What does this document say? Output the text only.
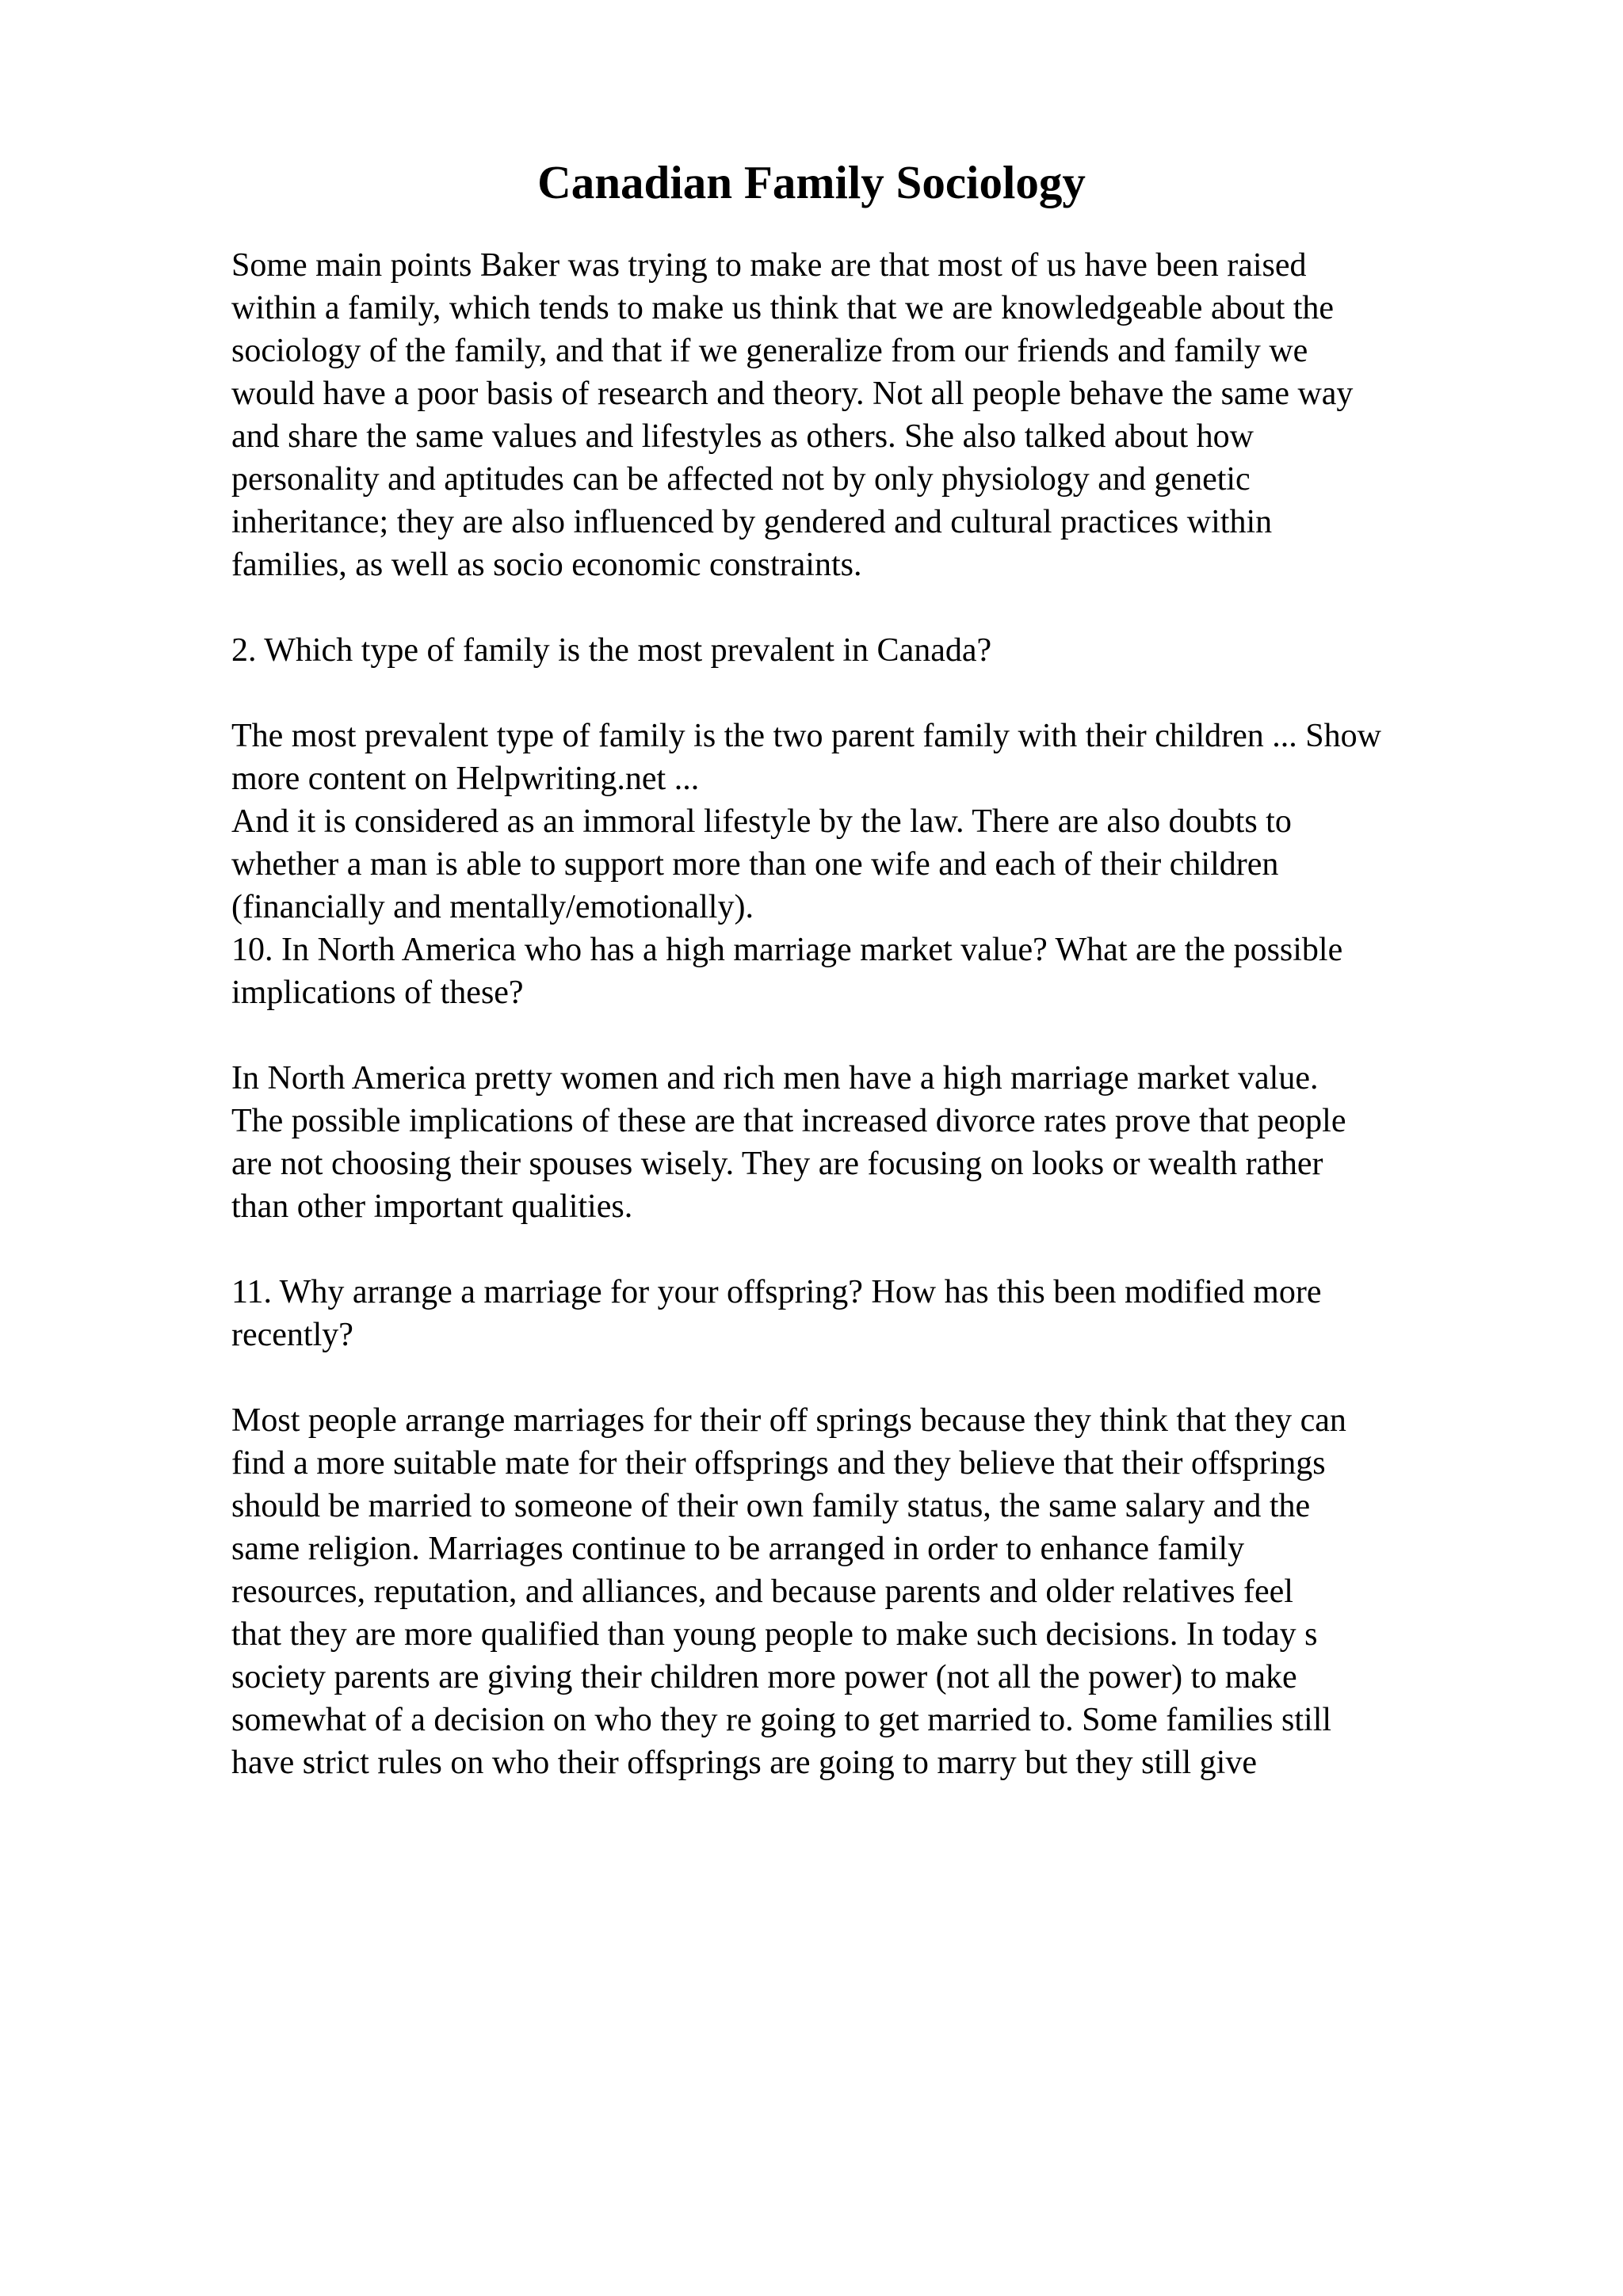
Canadian Family Sociology

Some main points Baker was trying to make are that most of us have been raised

within a family, which tends to make us think that we are knowledgeable about the

sociology of the family, and that if we generalize from our friends and family we

would have a poor basis of research and theory. Not all people behave the same way

and share the same values and lifestyles as others. She also talked about how

personality and aptitudes can be affected not by only physiology and genetic

inheritance; they are also influenced by gendered and cultural practices within

families, as well as socio economic constraints.

2. Which type of family is the most prevalent in Canada?

The most prevalent type of family is the two parent family with their children ... Show

more content on Helpwriting.net ...

And it is considered as an immoral lifestyle by the law. There are also doubts to

whether a man is able to support more than one wife and each of their children

(financially and mentally/emotionally).

10. In North America who has a high marriage market value? What are the possible

implications of these?

In North America pretty women and rich men have a high marriage market value.

The possible implications of these are that increased divorce rates prove that people

are not choosing their spouses wisely. They are focusing on looks or wealth rather

than other important qualities.

11. Why arrange a marriage for your offspring? How has this been modified more

recently?

Most people arrange marriages for their off springs because they think that they can

find a more suitable mate for their offsprings and they believe that their offsprings

should be married to someone of their own family status, the same salary and the

same religion. Marriages continue to be arranged in order to enhance family

resources, reputation, and alliances, and because parents and older relatives feel

that they are more qualified than young people to make such decisions. In today s

society parents are giving their children more power (not all the power) to make

somewhat of a decision on who they re going to get married to. Some families still

have strict rules on who their offsprings are going to marry but they still give
